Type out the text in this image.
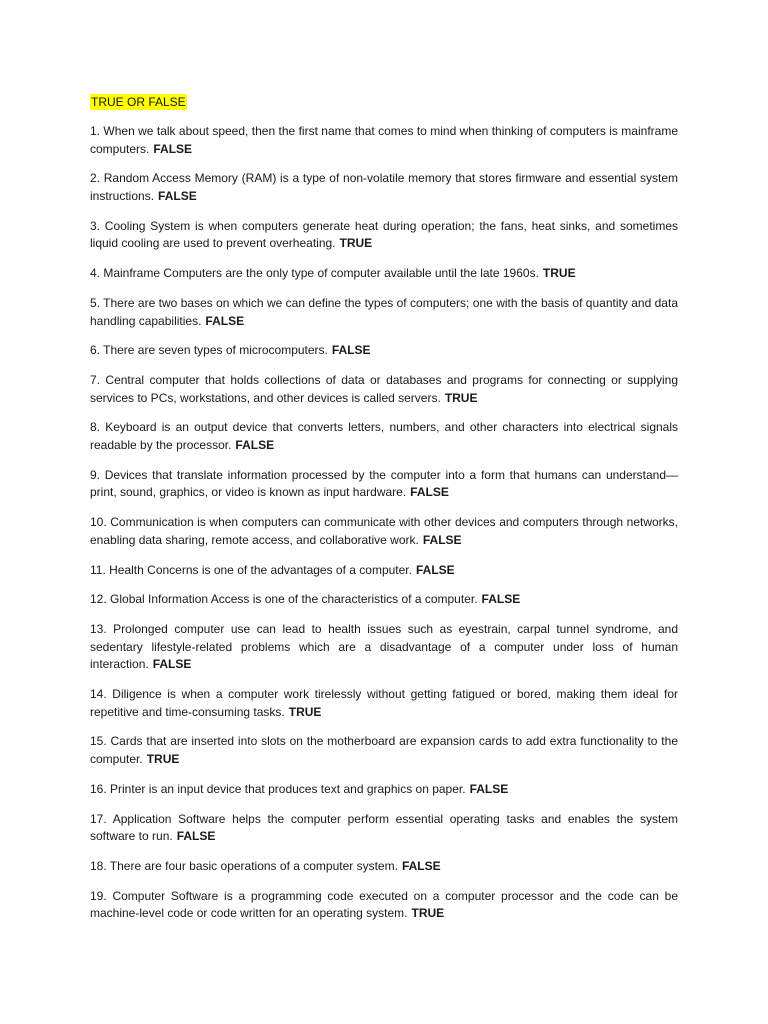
TRUE OR FALSE

1. When we talk about speed, then the first name that comes to mind when thinking of computers is mainframe computers. FALSE

2. Random Access Memory (RAM) is a type of non-volatile memory that stores firmware and essential system instructions. FALSE

3. Cooling System is when computers generate heat during operation; the fans, heat sinks, and sometimes liquid cooling are used to prevent overheating. TRUE

4. Mainframe Computers are the only type of computer available until the late 1960s. TRUE

5. There are two bases on which we can define the types of computers; one with the basis of quantity and data handling capabilities. FALSE

6. There are seven types of microcomputers. FALSE

7. Central computer that holds collections of data or databases and programs for connecting or supplying services to PCs, workstations, and other devices is called servers. TRUE

8. Keyboard is an output device that converts letters, numbers, and other characters into electrical signals readable by the processor. FALSE

9. Devices that translate information processed by the computer into a form that humans can understand—print, sound, graphics, or video is known as input hardware. FALSE

10. Communication is when computers can communicate with other devices and computers through networks, enabling data sharing, remote access, and collaborative work. FALSE

11. Health Concerns is one of the advantages of a computer. FALSE

12. Global Information Access is one of the characteristics of a computer. FALSE

13. Prolonged computer use can lead to health issues such as eyestrain, carpal tunnel syndrome, and sedentary lifestyle-related problems which are a disadvantage of a computer under loss of human interaction. FALSE

14. Diligence is when a computer work tirelessly without getting fatigued or bored, making them ideal for repetitive and time-consuming tasks. TRUE

15. Cards that are inserted into slots on the motherboard are expansion cards to add extra functionality to the computer. TRUE

16. Printer is an input device that produces text and graphics on paper. FALSE

17. Application Software helps the computer perform essential operating tasks and enables the system software to run. FALSE

18. There are four basic operations of a computer system. FALSE

19. Computer Software is a programming code executed on a computer processor and the code can be machine-level code or code written for an operating system. TRUE
